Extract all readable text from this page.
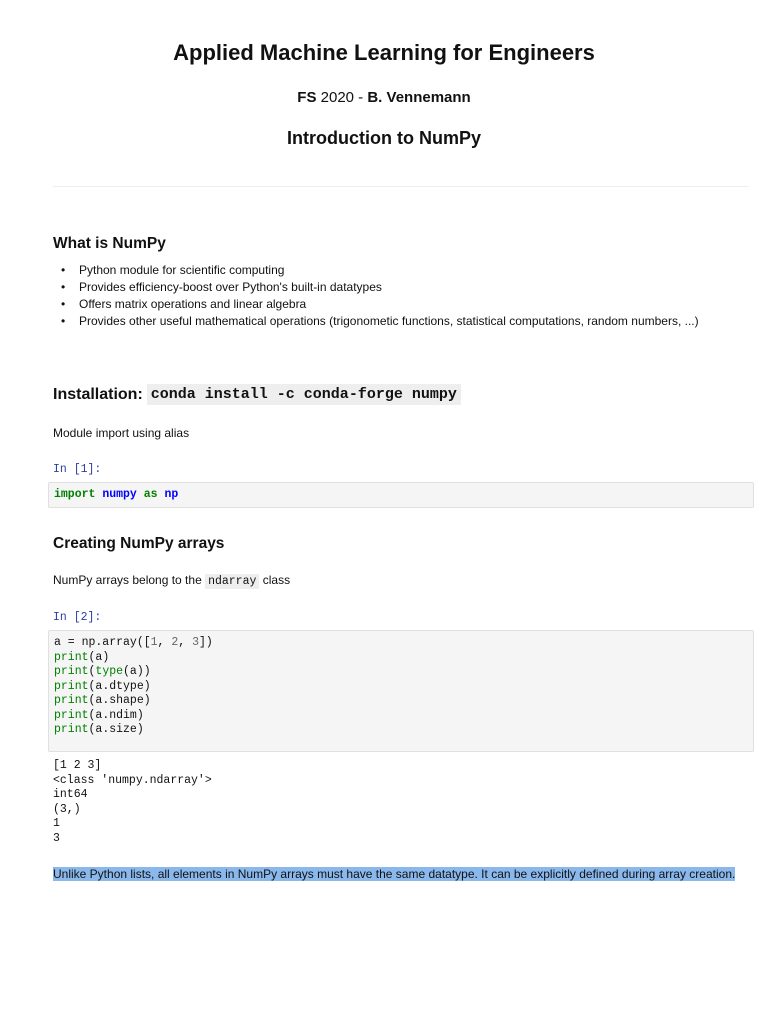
Applied Machine Learning for Engineers
FS 2020 - B. Vennemann
Introduction to NumPy
What is NumPy
• Python module for scientific computing
• Provides efficiency-boost over Python's built-in datatypes
• Offers matrix operations and linear algebra
• Provides other useful mathematical operations (trigonometic functions, statistical computations, random numbers, ...)
Installation: conda install -c conda-forge numpy
Module import using alias
In [1]:
import numpy as np
Creating NumPy arrays
NumPy arrays belong to the ndarray class
In [2]:
a = np.array([1, 2, 3])
print(a)
print(type(a))
print(a.dtype)
print(a.shape)
print(a.ndim)
print(a.size)
[1 2 3]
<class 'numpy.ndarray'>
int64
(3,)
1
3
Unlike Python lists, all elements in NumPy arrays must have the same datatype. It can be explicitly defined during array creation.
